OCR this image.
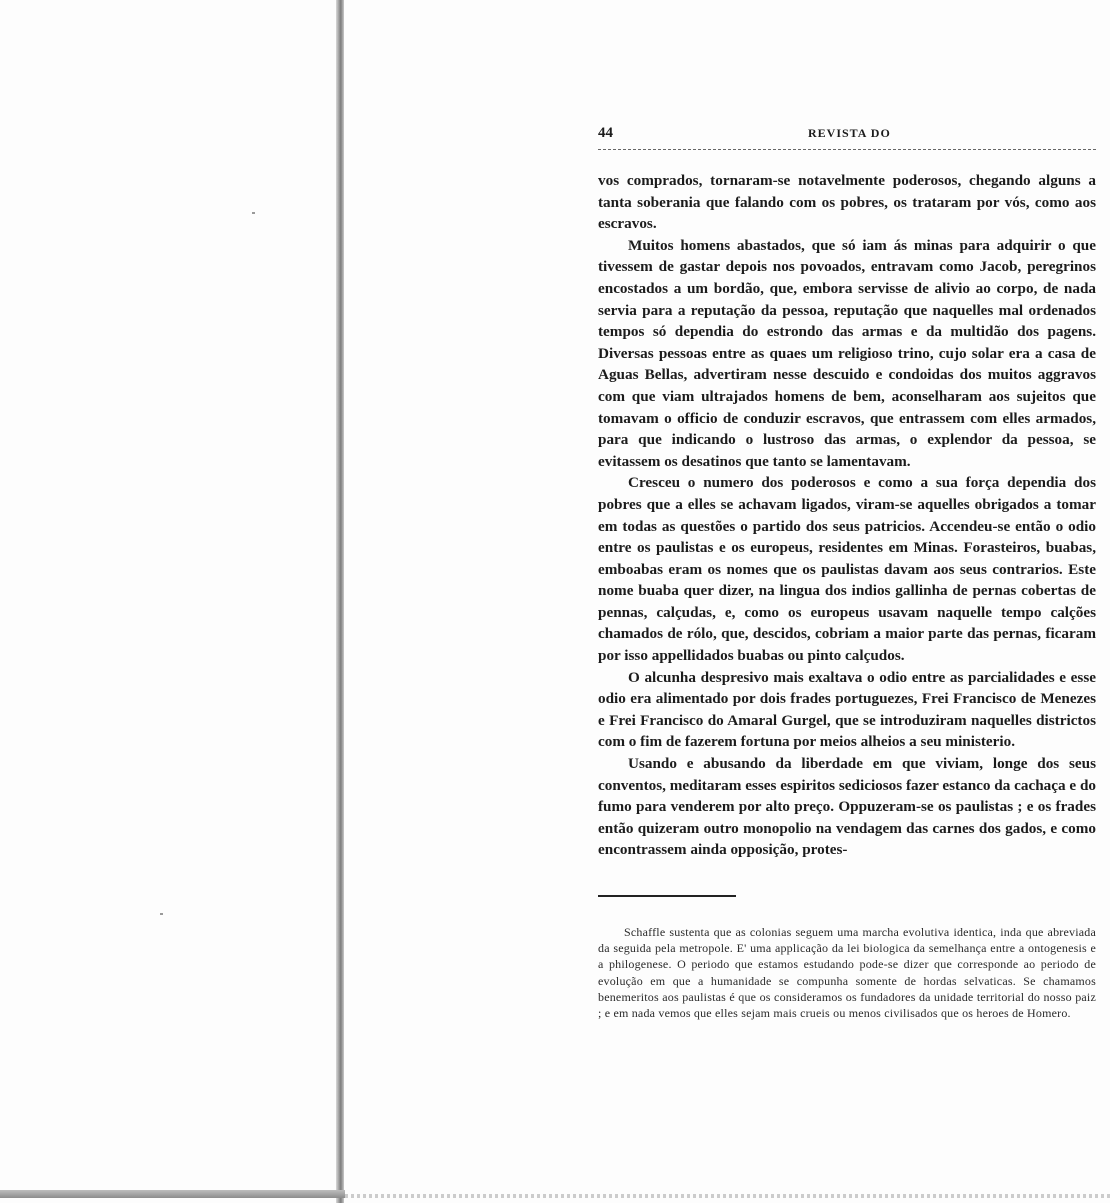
44	REVISTA DO

vos comprados, tornaram-se notavelmente poderosos, chegando alguns a tanta soberania que falando com os pobres, os trataram por vós, como aos escravos.

Muitos homens abastados, que só iam ás minas para adquirir o que tivessem de gastar depois nos povoados, entravam como Jacob, peregrinos encostados a um bordão, que, embora servisse de alivio ao corpo, de nada servia para a reputação da pessoa, reputação que naquelles mal ordenados tempos só dependia do estrondo das armas e da multidão dos pagens. Diversas pessoas entre as quaes um religioso trino, cujo solar era a casa de Aguas Bellas, advertiram nesse descuido e condoidas dos muitos aggravos com que viam ultrajados homens de bem, aconselharam aos sujeitos que tomavam o officio de conduzir escravos, que entrassem com elles armados, para que indicando o lustroso das armas, o explendor da pessoa, se evitassem os desatinos que tanto se lamentavam.

Cresceu o numero dos poderosos e como a sua força dependia dos pobres que a elles se achavam ligados, viram-se aquelles obrigados a tomar em todas as questões o partido dos seus patricios. Accendeu-se então o odio entre os paulistas e os europeus, residentes em Minas. Forasteiros, buabas, emboabas eram os nomes que os paulistas davam aos seus contrarios. Este nome buaba quer dizer, na lingua dos indios gallinha de pernas cobertas de pennas, calçudas, e, como os europeus usavam naquelle tempo calções chamados de rólo, que, descidos, cobriam a maior parte das pernas, ficaram por isso appellidados buabas ou pinto calçudos.

O alcunha despresivo mais exaltava o odio entre as parcialidades e esse odio era alimentado por dois frades portuguezes, Frei Francisco de Menezes e Frei Francisco do Amaral Gurgel, que se introduziram naquelles districtos com o fim de fazerem fortuna por meios alheios a seu ministerio.

Usando e abusando da liberdade em que viviam, longe dos seus conventos, meditaram esses espiritos sediciosos fazer estanco da cachaça e do fumo para venderem por alto preço. Oppuzeram-se os paulistas ; e os frades então quizeram outro monopolio na vendagem das carnes dos gados, e como encontrassem ainda opposição, protes-

Schaffle sustenta que as colonias seguem uma marcha evolutiva identica, inda que abreviada da seguida pela metropole. E' uma applicação da lei biologica da semelhança entre a ontogenesis e a philogenese. O periodo que estamos estudando pode-se dizer que corresponde ao periodo de evolução em que a humanidade se compunha somente de hordas selvaticas. Se chamamos benemeritos aos paulistas é que os consideramos os fundadores da unidade territorial do nosso paiz ; e em nada vemos que elles sejam mais crueis ou menos civilisados que os heroes de Homero.
